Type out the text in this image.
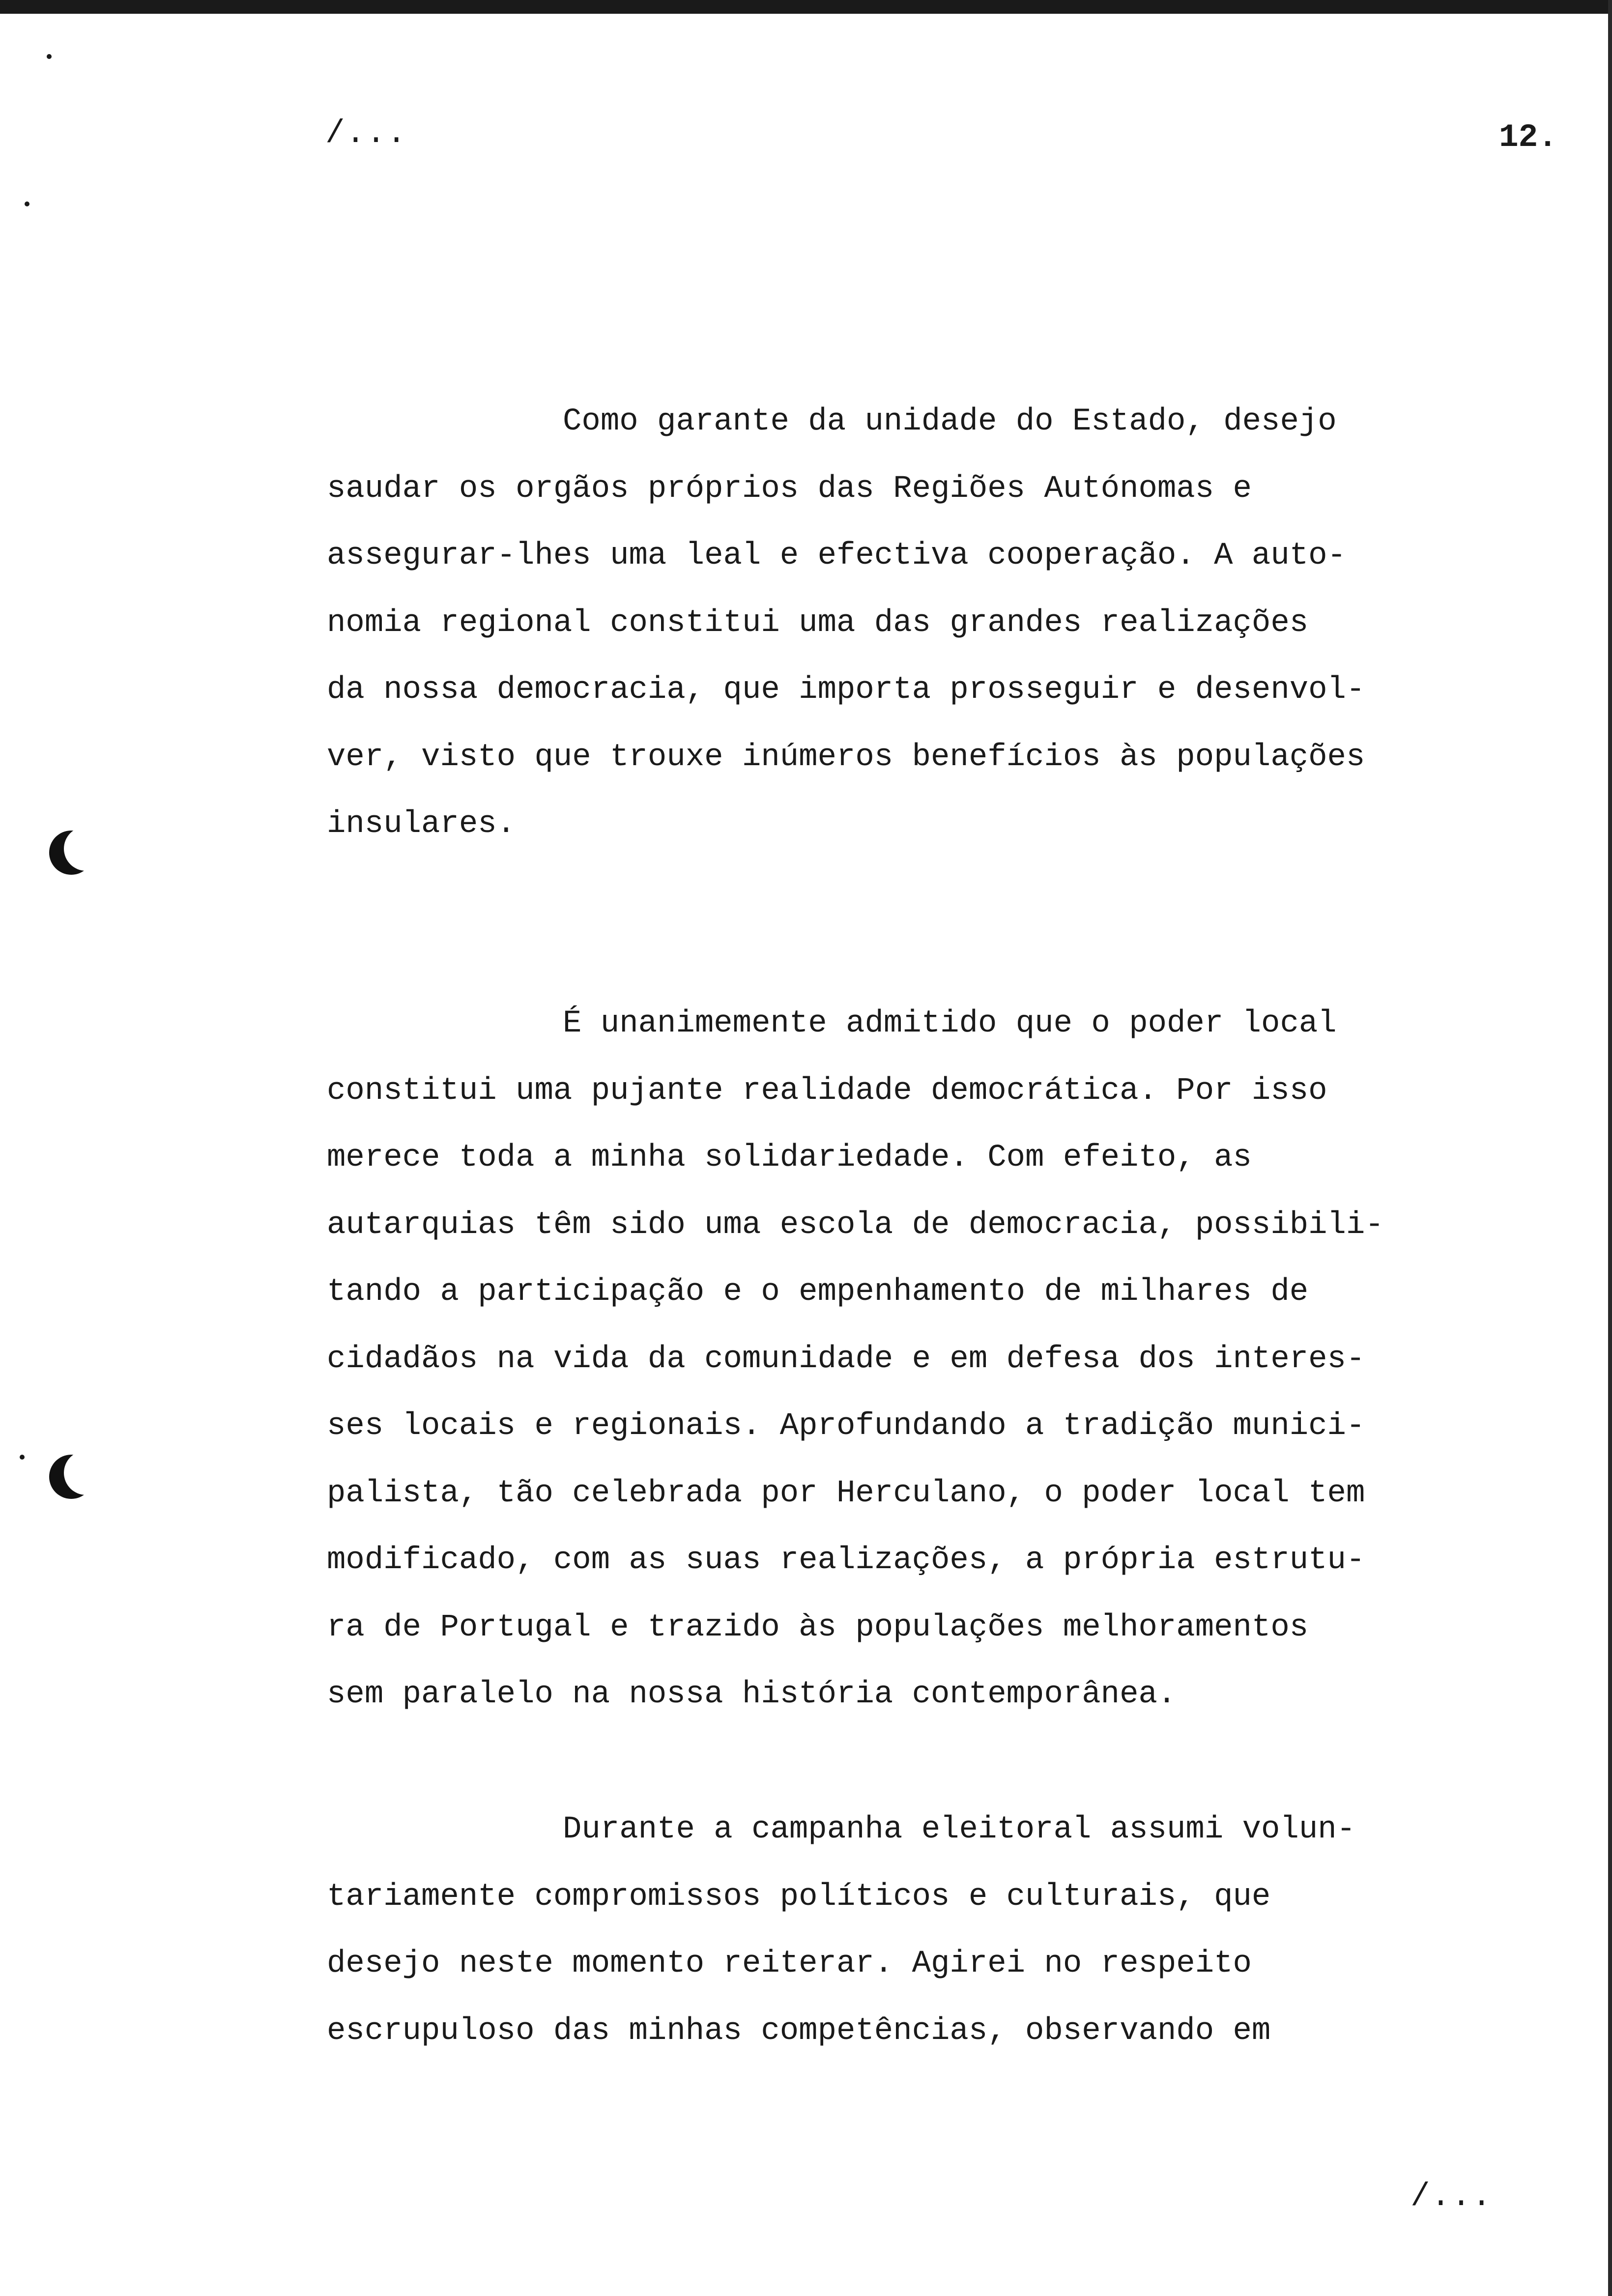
/...	12.

Como garante da unidade do Estado, desejo
saudar os orgãos próprios das Regiões Autónomas e
assegurar-lhes uma leal e efectiva cooperação. A auto-
nomia regional constitui uma das grandes realizações
da nossa democracia, que importa prosseguir e desenvol-
ver, visto que trouxe inúmeros benefícios às populações
insulares.

É unanimemente admitido que o poder local
constitui uma pujante realidade democrática. Por isso
merece toda a minha solidariedade. Com efeito, as
autarquias têm sido uma escola de democracia, possibili-
tando a participação e o empenhamento de milhares de
cidadãos na vida da comunidade e em defesa dos interes-
ses locais e regionais. Aprofundando a tradição munici-
palista, tão celebrada por Herculano, o poder local tem
modificado, com as suas realizações, a própria estrutu-
ra de Portugal e trazido às populações melhoramentos
sem paralelo na nossa história contemporânea.

Durante a campanha eleitoral assumi volun-
tariamente compromissos políticos e culturais, que
desejo neste momento reiterar. Agirei no respeito
escrupuloso das minhas competências, observando em

/...
